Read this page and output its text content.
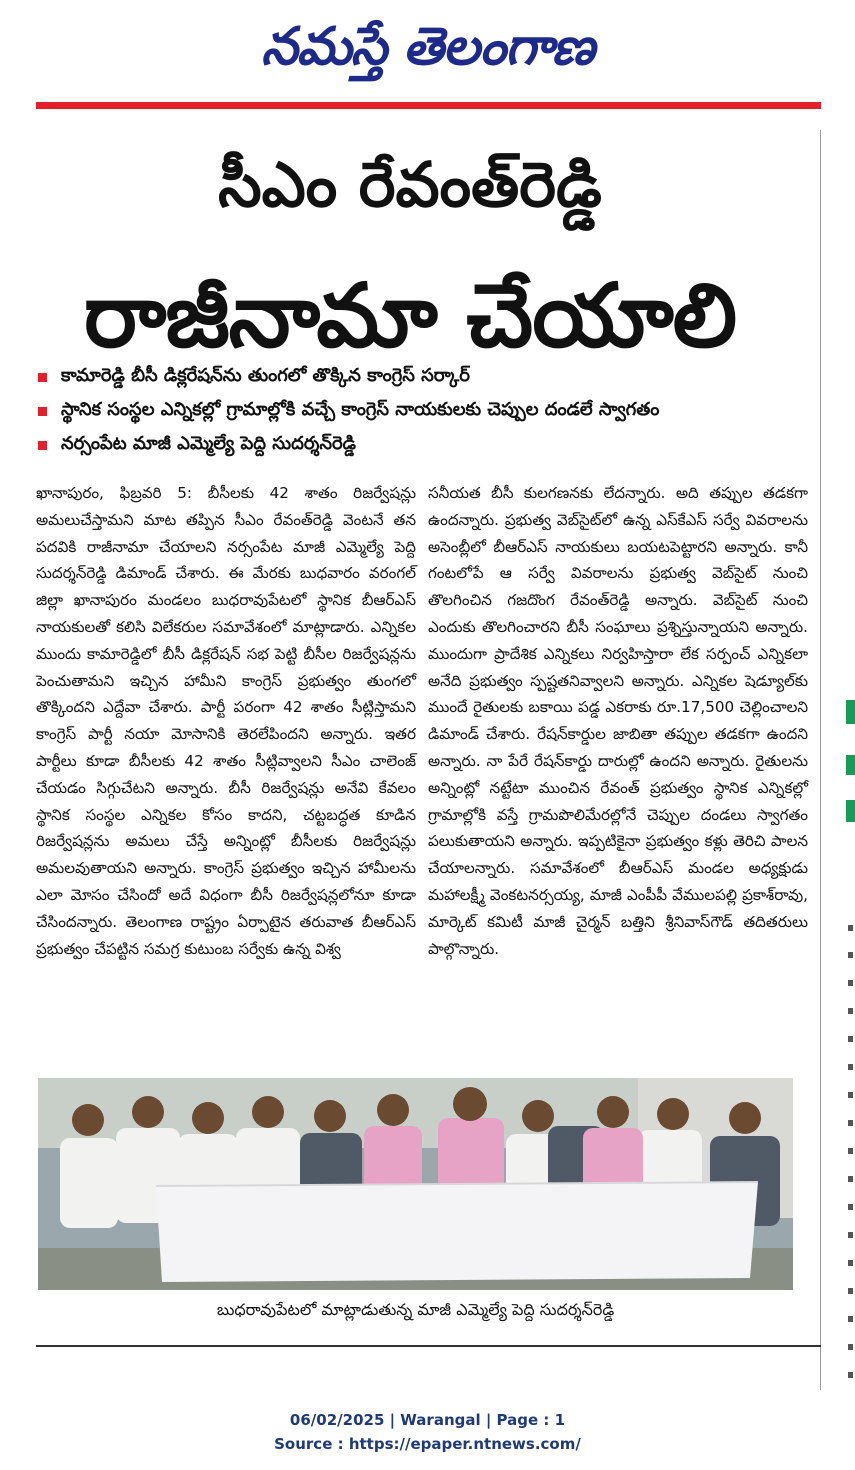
నమస్తే తెలంగాణ
సీఎం రేవంత్‌రెడ్డి
రాజీనామా చేయాలి
కామారెడ్డి బీసీ డిక్లరేషన్‌ను తుంగలో తొక్కిన కాంగ్రెస్ సర్కార్
స్థానిక సంస్థల ఎన్నికల్లో గ్రామాల్లోకి వచ్చే కాంగ్రెస్ నాయకులకు చెప్పుల దండలే స్వాగతం
నర్సంపేట మాజీ ఎమ్మెల్యే పెద్ది సుదర్శన్‌రెడ్డి

ఖానాపురం, ఫిబ్రవరి 5: బీసీలకు 42 శాతం రిజర్వేషన్లు అమలుచేస్తామని మాట తప్పిన సీఎం రేవంత్‌రెడ్డి వెంటనే తన పదవికి రాజీనామా చేయాలని నర్సంపేట మాజీ ఎమ్మెల్యే పెద్ది సుదర్శన్‌రెడ్డి డిమాండ్ చేశారు. ఈ మేరకు బుధవారం వరంగల్ జిల్లా ఖానాపురం మండలం బుధరావుపేటలో స్థానిక బీఆర్‌ఎస్ నాయకులతో కలిసి విలేకరుల సమావేశంలో మాట్లాడారు. ఎన్నికల ముందు కామారెడ్డిలో బీసీ డిక్లరేషన్ సభ పెట్టి బీసీల రిజర్వేషన్లను పెంచుతామని ఇచ్చిన హామీని కాంగ్రెస్ ప్రభుత్వం తుంగలో తొక్కిందని ఎద్దేవా చేశారు. పార్టీ పరంగా 42 శాతం సీట్లిస్తామని కాంగ్రెస్ పార్టీ నయా మోసానికి తెరలేపిందని అన్నారు. ఇతర పార్టీలు కూడా బీసీలకు 42 శాతం సీట్లివ్వాలని సీఎం చాలెంజ్ చేయడం సిగ్గుచేటని అన్నారు. బీసీ రిజర్వేషన్లు అనేవి కేవలం స్థానిక సంస్థల ఎన్నికల కోసం కాదని, చట్టబద్ధత కూడిన రిజర్వేషన్లను అమలు చేస్తే అన్నింట్లో బీసీలకు రిజర్వేషన్లు అమలవుతాయని అన్నారు. కాంగ్రెస్ ప్రభుత్వం ఇచ్చిన హామీలను ఎలా మోసం చేసిందో అదే విధంగా బీసీ రిజర్వేషన్లలోనూ కూడా చేసిందన్నారు. తెలంగాణ రాష్ట్రం ఏర్పాటైన తరువాత బీఆర్‌ఎస్ ప్రభుత్వం చేపట్టిన సమగ్ర కుటుంబ సర్వేకు ఉన్న విశ్వ

సనీయత బీసీ కులగణనకు లేదన్నారు. అది తప్పుల తడకగా ఉందన్నారు. ప్రభుత్వ వెబ్‌సైట్‌లో ఉన్న ఎస్‌కేఎస్ సర్వే వివరాలను అసెంబ్లీలో బీఆర్‌ఎస్ నాయకులు బయటపెట్టారని అన్నారు. కానీ గంటలోపే ఆ సర్వే వివరాలను ప్రభుత్వ వెబ్‌సైట్ నుంచి తొలగించిన గజదొంగ రేవంత్‌రెడ్డి అన్నారు. వెబ్‌సైట్ నుంచి ఎందుకు తొలగించారని బీసీ సంఘాలు ప్రశ్నిస్తున్నాయని అన్నారు. ముందుగా ప్రాదేశిక ఎన్నికలు నిర్వహిస్తారా లేక సర్పంచ్ ఎన్నికలా అనేది ప్రభుత్వం స్పష్టతనివ్వాలని అన్నారు. ఎన్నికల షెడ్యూల్‌కు ముందే రైతులకు బకాయి పడ్డ ఎకరాకు రూ.17,500 చెల్లించాలని డిమాండ్ చేశారు. రేషన్‌కార్డుల జాబితా తప్పుల తడకగా ఉందని అన్నారు. నా పేరే రేషన్‌కార్డు దారుల్లో ఉందని అన్నారు. రైతులను అన్నింట్లో నట్టేటా ముంచిన రేవంత్ ప్రభుత్వం స్థానిక ఎన్నికల్లో గ్రామాల్లోకి వస్తే గ్రామపొలిమేరల్లోనే చెప్పుల దండలు స్వాగతం పలుకుతాయని అన్నారు. ఇప్పటికైనా ప్రభుత్వం కళ్లు తెరిచి పాలన చేయాలన్నారు. సమావేశంలో బీఆర్‌ఎస్ మండల అధ్యక్షుడు మహాలక్ష్మీ వెంకటనర్సయ్య, మాజీ ఎంపీపీ వేములపల్లి ప్రకాశ్‌రావు, మార్కెట్ కమిటీ మాజీ చైర్మన్ బత్తిని శ్రీనివాస్‌గౌడ్ తదితరులు పాల్గొన్నారు.

బుధరావుపేటలో మాట్లాడుతున్న మాజీ ఎమ్మెల్యే పెద్ది సుదర్శన్‌రెడ్డి
06/02/2025 | Warangal | Page : 1
Source : https://epaper.ntnews.com/
